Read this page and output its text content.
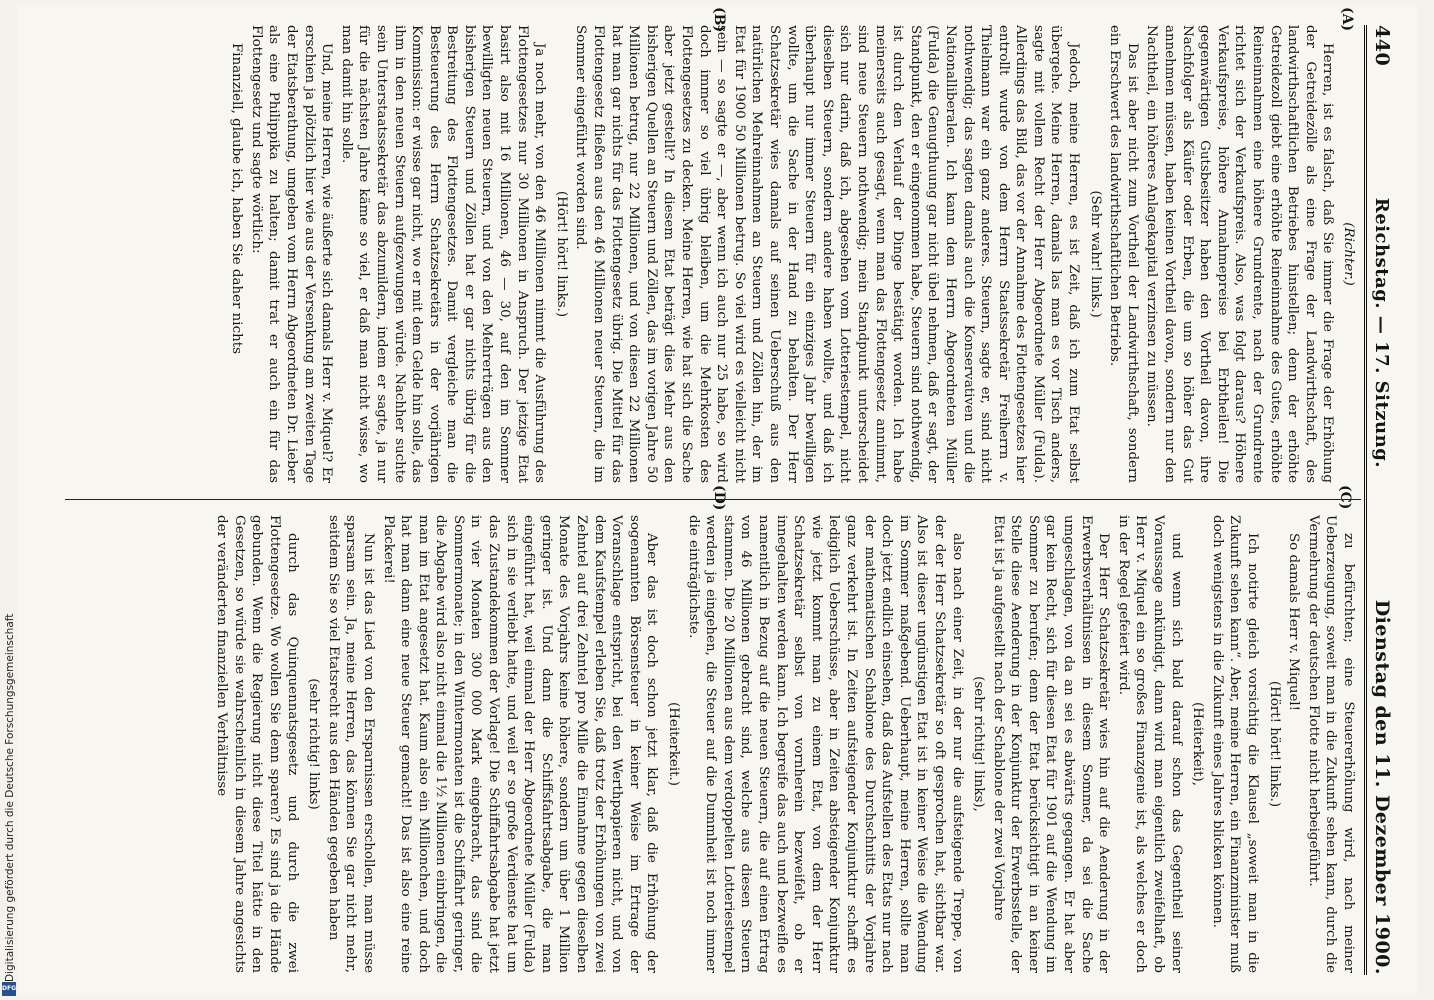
440
Reichstag. — 17. Sitzung.
Dienstag den 11. Dezember 1900.
(A)
(B)
(C)
(D)

(Richter.)

Herren, ist es falsch, daß Sie immer die Frage der Erhöhung der Getreidezölle als eine Frage der Landwirthschaft, des landwirthschaftlichen Betriebes hinstellen; denn der erhöhte Getreidezoll giebt eine erhöhte Reineinnahme des Gutes, erhöhte Reineinnahmen eine höhere Grundrente, nach der Grundrente richtet sich der Verkaufspreis. Also, was folgt daraus? Höhere Verkaufspreise, höhere Annahmepreise bei Erbtheilen! Die gegenwärtigen Gutsbesitzer haben den Vortheil davon, ihre Nachfolger als Käufer oder Erben, die um so höher das Gut annehmen müssen, haben keinen Vortheil davon, sondern nur den Nachtheil, ein höheres Anlagekapital verzinsen zu müssen.

Das ist aber nicht zum Vortheil der Landwirthschaft, sondern ein Erschwert des landwirthschaftlichen Betriebs.

(Sehr wahr! links.)

Jedoch, meine Herren, es ist Zeit, daß ich zum Etat selbst übergehe. Meine Herren, damals las man es vor Tisch anders, sagte mit vollem Recht der Herr Abgeordnete Müller (Fulda). Allerdings das Bild, das vor der Annahme des Flottengesetzes hier entrollt wurde von dem Herrn Staatssekretär Freiherrn v. Thielmann war ein ganz anderes. Steuern, sagte er, sind nicht nothwendig; das sagten damals auch die Konservativen und die Nationalliberalen. Ich kann dem Herrn Abgeordneten Müller (Fulda) die Genugthuung gar nicht übel nehmen, daß er sagt, der Standpunkt, den er eingenommen habe, Steuern sind nothwendig, ist durch den Verlauf der Dinge bestätigt worden. Ich habe meinerseits auch gesagt, wenn man das Flottengesetz annimmt, sind neue Steuern nothwendig; mein Standpunkt unterscheidet sich nur darin, daß ich, abgesehen vom Lotteriestempel, nicht dieselben Steuern, sondern andere haben wollte, und daß ich überhaupt nur immer Steuern für ein einziges Jahr bewilligen wollte, um die Sache in der Hand zu behalten. Der Herr Schatzsekretär wies damals auf seinen Ueberschuß aus den natürlichen Mehreinnahmen an Steuern und Zöllen hin, der im Etat für 1900 50 Millionen betrug. So viel wird es vielleicht nicht sein — so sagte er —, aber wenn ich auch nur 25 habe, so wird doch immer so viel übrig bleiben, um die Mehrkosten des Flottengesetzes zu decken. Meine Herren, wie hat sich die Sache aber jetzt gestellt? In diesem Etat beträgt dies Mehr aus den bisherigen Quellen an Steuern und Zöllen, das im vorigen Jahre 50 Millionen betrug, nur 22 Millionen, und von diesen 22 Millionen hat man gar nichts für das Flottengesetz übrig. Die Mittel für das Flottengesetz fließen aus den 46 Millionen neuer Steuern, die im Sommer eingeführt worden sind.

(Hört! hört! links.)

Ja noch mehr, von den 46 Millionen nimmt die Ausführung des Flottengesetzes nur 30 Millionen in Anspruch. Der jetzige Etat basirt also mit 16 Millionen, 46 — 30, auf den im Sommer bewilligten neuen Steuern, und von den Mehrerträgen aus den bisherigen Steuern und Zöllen hat er gar nichts übrig für die Bestreitung des Flottengesetzes. Damit vergleiche man die Besteuerung des Herrn Schatzsekretärs in der vorjährigen Kommission: er wisse gar nicht, wo er mit dem Gelde hin solle, das ihm in den neuen Steuern aufgezwungen würde. Nachher suchte sein Unterstaatssekretär das abzumildern, indem er sagte, ja nur für die nächsten Jahre käme so viel, er daß man nicht wisse, wo man damit hin solle.

Und, meine Herren, wie äußerte sich damals Herr v. Miquel? Er erschien ja plötzlich hier wie aus der Versenkung am zweiten Tage der Etatsberathung, umgeben vom Herrn Abgeordneten Dr. Lieber als eine Philippika zu halten; damit trat er auch ein für das Flottengesetz und sagte wörtlich:

Finanziell, glaube ich, haben Sie daher nichts

zu befürchten; eine Steuererhöhung wird, nach meiner Ueberzeugung, soweit man in die Zukunft sehen kann, durch die Vermehrung der deutschen Flotte nicht herbeigeführt.

So damals Herr v. Miquel!

(Hört! hört! links.)

Ich notirte gleich vorsichtig die Klausel „soweit man in die Zukunft sehen kann“. Aber, meine Herren, ein Finanzminister muß doch wenigstens in die Zukunft eines Jahres blicken können.

(Heiterkeit),

und wenn sich bald darauf schon das Gegentheil seiner Voraussage ankündigt, dann wird man eigentlich zweifelhaft, ob Herr v. Miquel ein so großes Finanzgenie ist, als welches er doch in der Regel gefeiert wird.

Der Herr Schatzsekretär wies hin auf die Aenderung in der Erwerbsverhältnissen in diesem Sommer, da sei die Sache umgeschlagen, von da an sei es abwärts gegangen. Er hat aber gar kein Recht, sich für diesen Etat für 1901 auf die Wendung im Sommer zu berufen; denn der Etat berücksichtigt in an keiner Stelle diese Aenderung in der Konjunktur der Erwerbsstelle, der Etat ist ja aufgestellt nach der Schablone der zwei Vorjahre

(sehr richtig! links),

also nach einer Zeit, in der nur die aufsteigende Treppe, von der der Herr Schatzsekretär so oft gesprochen hat, sichtbar war. Also ist dieser ungünstigen Etat ist in keiner Weise die Wendung im Sommer maßgebend. Ueberhaupt, meine Herren, sollte man doch jetzt endlich einsehen, daß das Aufstellen des Etats nur nach der mathematischen Schablone des Durchschnitts der Vorjahre ganz verkehrt ist. In Zeiten aufsteigender Konjunktur schafft es lediglich Ueberschüsse, aber in Zeiten absteigender Konjunktur wie jetzt kommt man zu einem Etat, von dem der Herr Schatzsekretär selbst von vornherein bezweifelt, ob er innegehalten werden kann. Ich begreife das auch und bezweifle es namentlich in Bezug auf die neuen Steuern, die auf einen Ertrag von 46 Millionen gebracht sind, welche aus diesen Steuern stammen. Die 20 Millionen aus dem verdoppelten Lotteriestempel werden ja eingehen, die Steuer auf die Dummheit ist noch immer die einträglichste.

(Heiterkeit.)

Aber das ist doch schon jetzt klar, daß die Erhöhung der sogenannten Börsensteuer in keiner Weise im Ertrage der Voranschlage entspricht, bei den Werthpapieren nicht, und von dem Kaufstempel erleben Sie, daß trotz der Erhöhungen von zwei Zehntel auf drei Zehntel pro Mille die Einnahme gegen dieselben Monate des Vorjahrs keine höhere, sondern um über 1 Million geringer ist. Und dann die Schiffsfahrtsabgabe, die man eingeführt hat, weil einmal der Herr Abgeordnete Müller (Fulda) sich in sie verliebt hatte, und weil er so große Verdienste hat um das Zustandekommen der Vorlage! Die Schiffahrtsabgabe hat jetzt in vier Monaten 300 000 Mark eingebracht, das sind die Sommermonate; in den Wintermonaten ist die Schiffahrt geringer, die Abgabe wird also nicht einmal die 1½ Millionen einbringen, die man im Etat angesetzt hat. Kaum also ein Millionchen, und doch hat man dann eine neue Steuer gemacht! Das ist also eine reine Plackerei!

Nun ist das Lied von den Ersparnissen erschollen, man müsse sparsam sein. Ja, meine Herren, das können Sie gar nicht mehr, seitdem Sie so viel Etatsrecht aus den Händen gegeben haben

(sehr richtig! links)

durch das Quinquennatsgesetz und durch die zwei Flottengesetze. Wo wollen Sie denn sparen? Es sind ja die Hände gebunden. Wenn die Regierung nicht diese Titel hätte in den Gesetzen, so würde sie wahrscheinlich in diesem Jahre angesichts der veränderten finanziellen Verhältnisse

Digitalisierung gefördert durch die Deutsche Forschungsgemeinschaft
DFG
